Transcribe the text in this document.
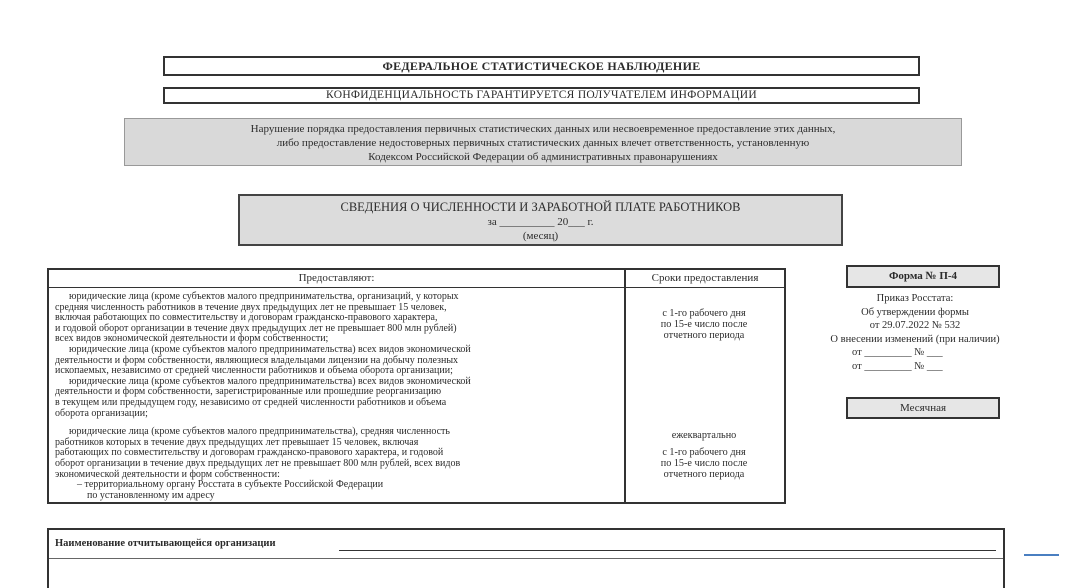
ФЕДЕРАЛЬНОЕ СТАТИСТИЧЕСКОЕ НАБЛЮДЕНИЕ
КОНФИДЕНЦИАЛЬНОСТЬ ГАРАНТИРУЕТСЯ ПОЛУЧАТЕЛЕМ ИНФОРМАЦИИ
Нарушение порядка предоставления первичных статистических данных или несвоевременное предоставление этих данных,
либо предоставление недостоверных первичных статистических данных влечет ответственность, установленную
Кодексом Российской Федерации об административных правонарушениях
СВЕДЕНИЯ О ЧИСЛЕННОСТИ И ЗАРАБОТНОЙ ПЛАТЕ РАБОТНИКОВ
за __________ 20___ г.
(месяц)
Предоставляют:	Сроки предоставления

юридические лица (кроме субъектов малого предпринимательства, организаций, у которых

средняя численность работников в течение двух предыдущих лет не превышает 15 человек,

включая работающих по совместительству и договорам гражданско-правового характера,

и годовой оборот организации в течение двух предыдущих лет не превышает 800 млн рублей)

всех видов экономической деятельности и форм собственности;

юридические лица (кроме субъектов малого предпринимательства) всех видов экономической

деятельности и форм собственности, являющиеся владельцами лицензии на добычу полезных

ископаемых, независимо от средней численности работников и объема оборота организации;

юридические лица (кроме субъектов малого предпринимательства) всех видов экономической

деятельности и форм собственности, зарегистрированные или прошедшие реорганизацию

в текущем или предыдущем году, независимо от средней численности работников и объема

оборота организации;

юридические лица (кроме субъектов малого предпринимательства), средняя численность

работников которых в течение двух предыдущих лет превышает 15 человек, включая

работающих по совместительству и договорам гражданско-правового характера, и годовой

оборот организации в течение двух предыдущих лет не превышает 800 млн рублей, всех видов

экономической деятельности и форм собственности:

– территориальному органу Росстата в субъекте Российской Федерации

по установленному им адресу

с 1-го рабочего дня
по 15-е число после
отчетного периода
ежеквартально
с 1-го рабочего дня
по 15-е число после
отчетного периода
Форма № П-4
Приказ Росстата:
Об утверждении формы
от 29.07.2022 № 532
О внесении изменений (при наличии)
от _________ № ___
от _________ № ___
Месячная
Наименование отчитывающейся организации
